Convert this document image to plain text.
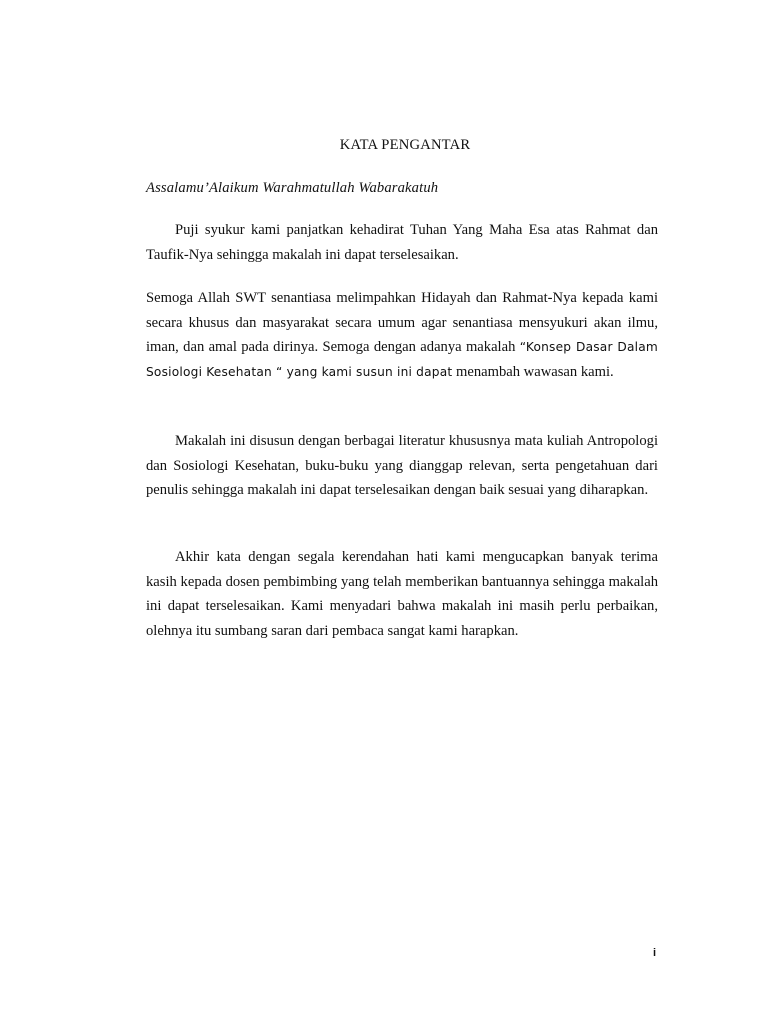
KATA PENGANTAR
Assalamu’Alaikum Warahmatullah Wabarakatuh

Puji syukur kami panjatkan kehadirat Tuhan Yang Maha Esa atas Rahmat dan Taufik-Nya sehingga makalah ini dapat terselesaikan.

Semoga Allah SWT senantiasa melimpahkan Hidayah dan Rahmat-Nya kepada kami secara khusus dan masyarakat secara umum agar senantiasa mensyukuri akan ilmu, iman, dan amal pada dirinya. Semoga dengan adanya makalah “Konsep Dasar Dalam Sosiologi Kesehatan “ yang kami susun ini dapat menambah wawasan kami.

Makalah ini disusun dengan berbagai literatur khususnya mata kuliah Antropologi dan Sosiologi Kesehatan, buku-buku yang dianggap relevan, serta pengetahuan dari penulis sehingga makalah ini dapat terselesaikan dengan baik sesuai yang diharapkan.

Akhir kata dengan segala kerendahan hati kami mengucapkan banyak terima kasih kepada dosen pembimbing yang telah memberikan bantuannya sehingga makalah ini dapat terselesaikan. Kami menyadari bahwa makalah ini masih perlu perbaikan, olehnya itu sumbang saran dari pembaca sangat kami harapkan.

i
